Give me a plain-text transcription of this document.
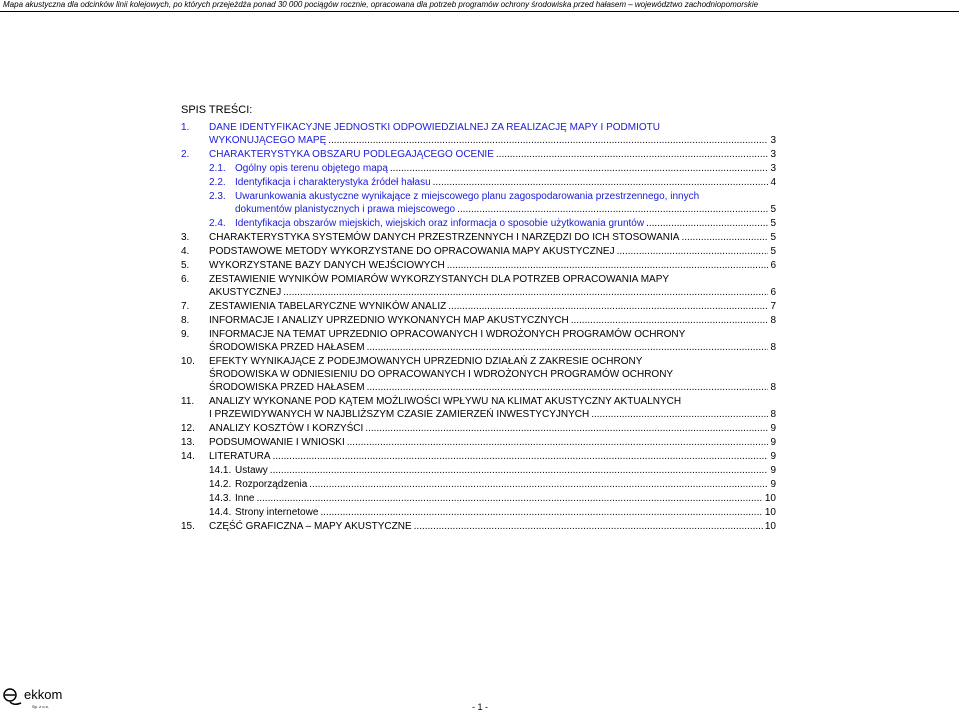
Mapa akustyczna dla odcinków linii kolejowych, po których przejeżdża ponad 30 000 pociągów rocznie, opracowana dla potrzeb programów ochrony środowiska przed hałasem – województwo zachodniopomorskie
SPIS TREŚCI:
1. DANE IDENTYFIKACYJNE JEDNOSTKI ODPOWIEDZIALNEJ ZA REALIZACJĘ MAPY I PODMIOTU
WYKONUJĄCEGO MAPĘ .....	3
2. CHARAKTERYSTYKA OBSZARU PODLEGAJĄCEGO OCENIE .....	3
2.1. Ogólny opis terenu objętego mapą .....	3
2.2. Identyfikacja i charakterystyka źródeł hałasu .....	4
2.3. Uwarunkowania akustyczne wynikające z miejscowego planu zagospodarowania przestrzennego, innych
dokumentów planistycznych i prawa miejscowego .....	5
2.4. Identyfikacja obszarów miejskich, wiejskich oraz informacja o sposobie użytkowania gruntów .....	5
3. CHARAKTERYSTYKA SYSTEMÓW DANYCH PRZESTRZENNYCH I NARZĘDZI DO ICH STOSOWANIA .....	5
4. PODSTAWOWE METODY WYKORZYSTANE DO OPRACOWANIA MAPY AKUSTYCZNEJ .....	5
5. WYKORZYSTANE BAZY DANYCH WEJŚCIOWYCH .....	6
6. ZESTAWIENIE WYNIKÓW POMIARÓW WYKORZYSTANYCH DLA POTRZEB OPRACOWANIA MAPY
AKUSTYCZNEJ .....	6
7. ZESTAWIENIA TABELARYCZNE WYNIKÓW ANALIZ .....	7
8. INFORMACJE I ANALIZY UPRZEDNIO WYKONANYCH MAP AKUSTYCZNYCH .....	8
9. INFORMACJE NA TEMAT UPRZEDNIO OPRACOWANYCH I WDROŻONYCH PROGRAMÓW OCHRONY
ŚRODOWISKA PRZED HAŁASEM .....	8
10. EFEKTY WYNIKAJĄCE Z PODEJMOWANYCH UPRZEDNIO DZIAŁAŃ Z ZAKRESIE OCHRONY
ŚRODOWISKA W ODNIESIENIU DO OPRACOWANYCH I WDROŻONYCH PROGRAMÓW OCHRONY
ŚRODOWISKA PRZED HAŁASEM .....	8
11. ANALIZY WYKONANE POD KĄTEM MOŻLIWOŚCI WPŁYWU NA KLIMAT AKUSTYCZNY AKTUALNYCH
I PRZEWIDYWANYCH W NAJBLIŻSZYM CZASIE ZAMIERZEŃ INWESTYCYJNYCH .....	8
12. ANALIZY KOSZTÓW I KORZYŚCI .....	9
13. PODSUMOWANIE I WNIOSKI .....	9
14. LITERATURA .....	9
14.1. Ustawy .....	9
14.2. Rozporządzenia .....	9
14.3. Inne .....	10
14.4. Strony internetowe .....	10
15. CZĘŚĆ GRAFICZNA – MAPY AKUSTYCZNE .....	10
ekkom
Sp. z o.o.	- 1 -
